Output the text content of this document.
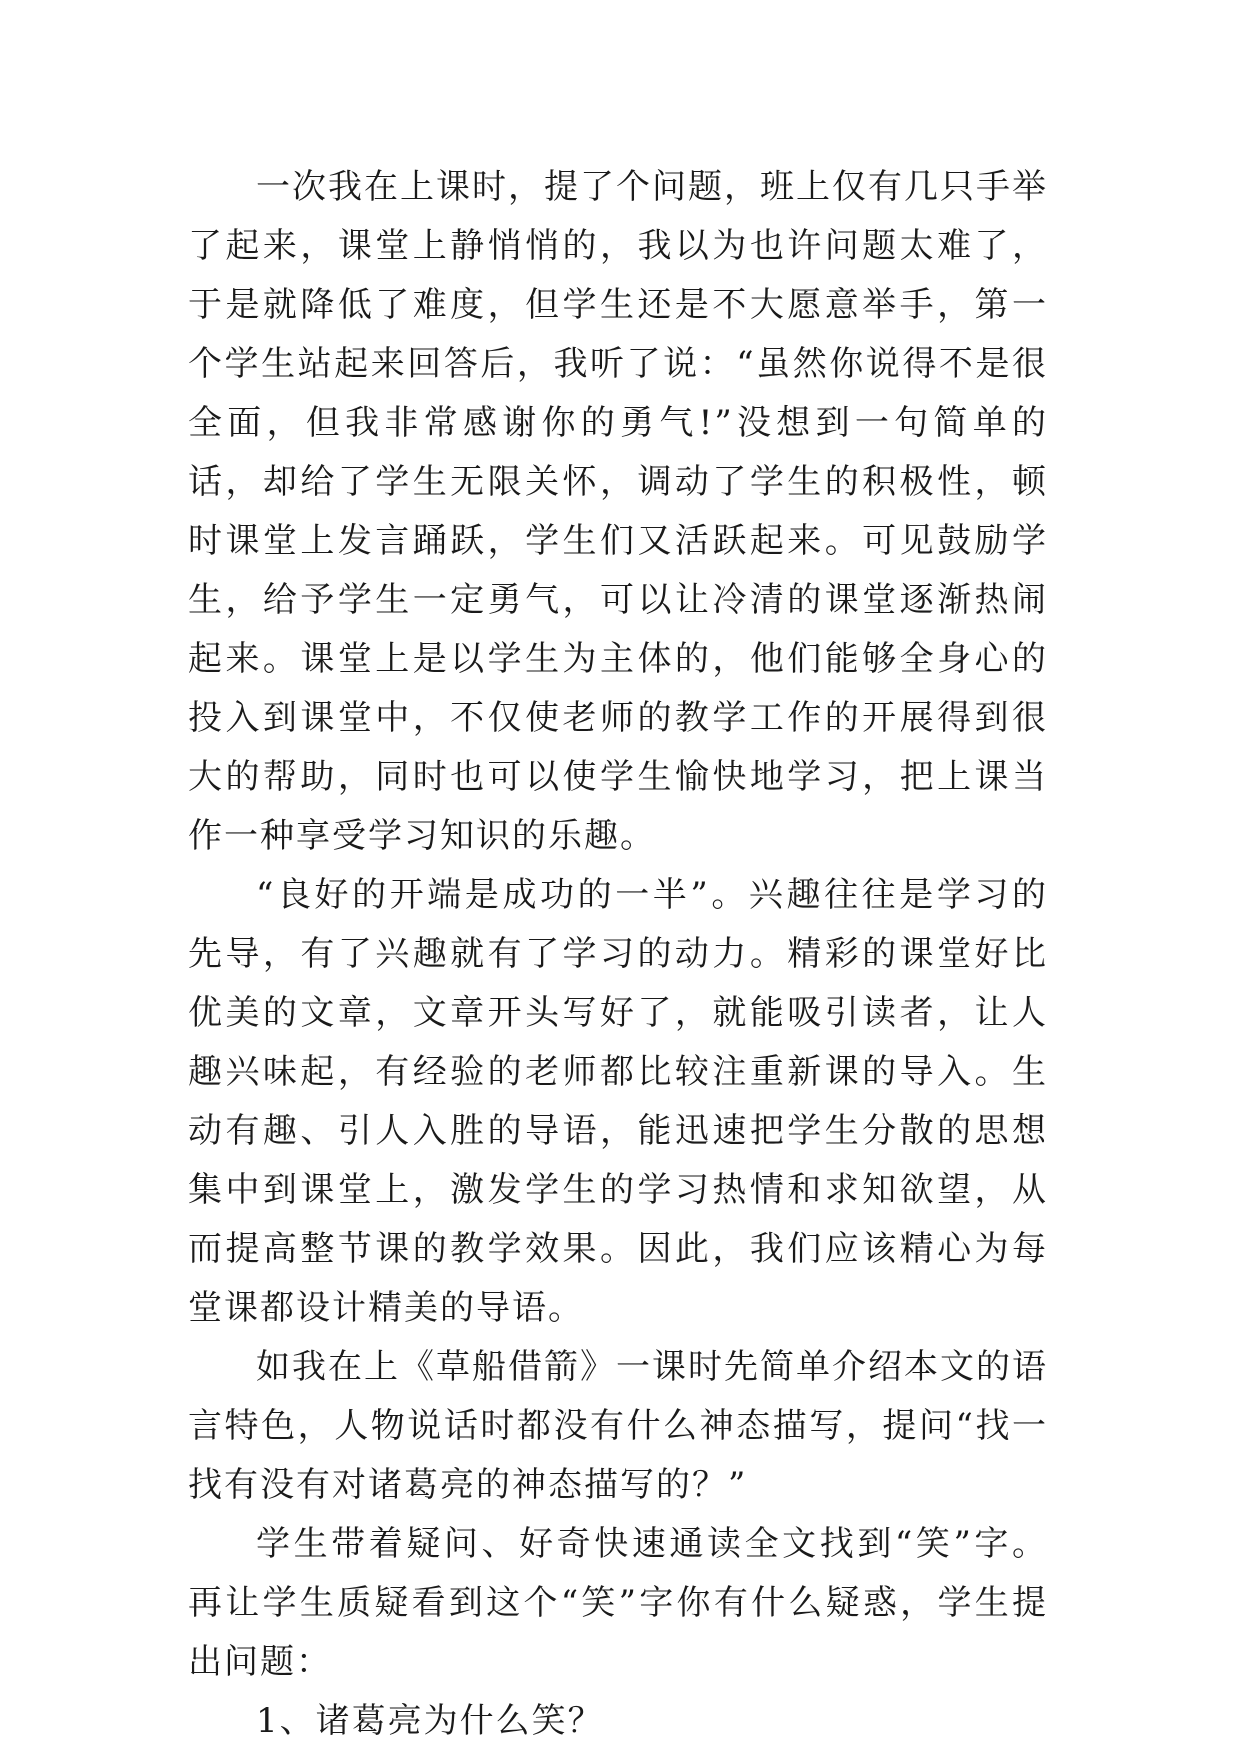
一次我在上课时，提了个问题，班上仅有几只手举了起来，课堂上静悄悄的，我以为也许问题太难了，于是就降低了难度，但学生还是不大愿意举手，第一个学生站起来回答后，我听了说：“虽然你说得不是很全面，但我非常感谢你的勇气!”没想到一句简单的话，却给了学生无限关怀，调动了学生的积极性，顿时课堂上发言踊跃，学生们又活跃起来。可见鼓励学生，给予学生一定勇气，可以让冷清的课堂逐渐热闹起来。课堂上是以学生为主体的，他们能够全身心的投入到课堂中，不仅使老师的教学工作的开展得到很大的帮助，同时也可以使学生愉快地学习，把上课当作一种享受学习知识的乐趣。

“良好的开端是成功的一半”。兴趣往往是学习的先导，有了兴趣就有了学习的动力。精彩的课堂好比优美的文章，文章开头写好了，就能吸引读者，让人趣兴味起，有经验的老师都比较注重新课的导入。生动有趣、引人入胜的导语，能迅速把学生分散的思想集中到课堂上，激发学生的学习热情和求知欲望，从而提高整节课的教学效果。因此，我们应该精心为每堂课都设计精美的导语。

如我在上《草船借箭》一课时先简单介绍本文的语言特色，人物说话时都没有什么神态描写，提问“找一找有没有对诸葛亮的神态描写的？”

学生带着疑问、好奇快速通读全文找到“笑”字。再让学生质疑看到这个“笑”字你有什么疑惑，学生提出问题：

1、诸葛亮为什么笑？
